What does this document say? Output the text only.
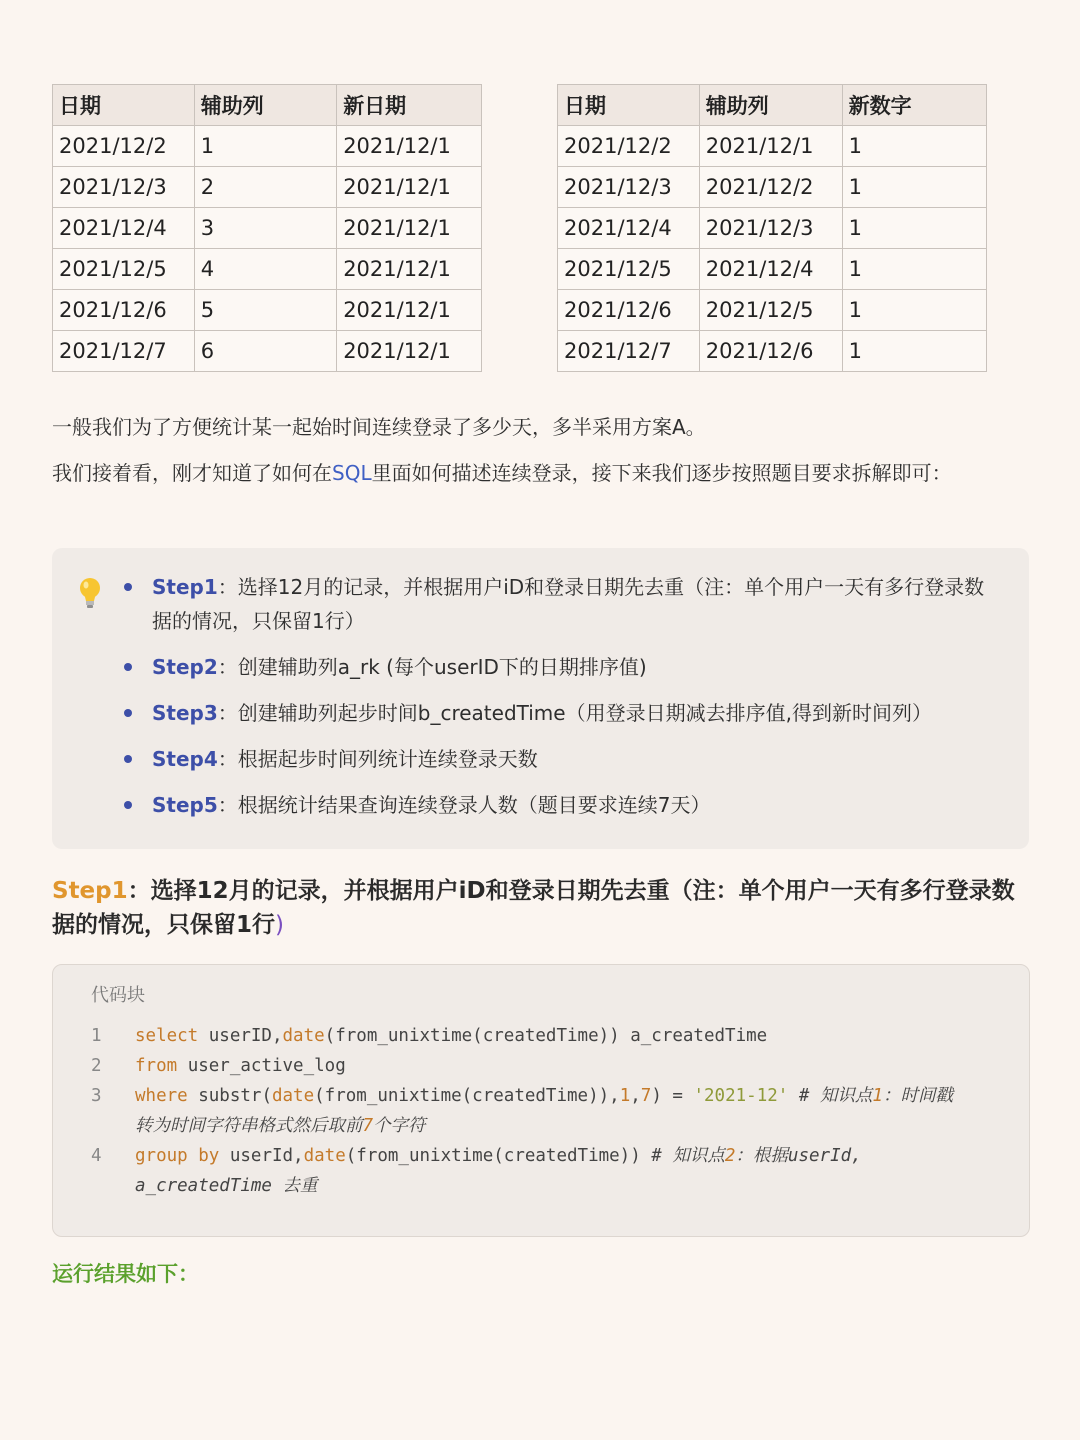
日期	辅助列	新日期
2021/12/2	1	2021/12/1
2021/12/3	2	2021/12/1
2021/12/4	3	2021/12/1
2021/12/5	4	2021/12/1
2021/12/6	5	2021/12/1
2021/12/7	6	2021/12/1
日期	辅助列	新数字
2021/12/2	2021/12/1	1
2021/12/3	2021/12/2	1
2021/12/4	2021/12/3	1
2021/12/5	2021/12/4	1
2021/12/6	2021/12/5	1
2021/12/7	2021/12/6	1

一般我们为了方便统计某一起始时间连续登录了多少天，多半采用方案A。

我们接着看，刚才知道了如何在SQL里面如何描述连续登录，接下来我们逐步按照题目要求拆解即可：

Step1：选择12月的记录，并根据用户iD和登录日期先去重（注：单个用户一天有多行登录数据的情况，只保留1行）
Step2：创建辅助列a_rk (每个userID下的日期排序值)
Step3：创建辅助列起步时间b_createdTime（用登录日期减去排序值,得到新时间列）
Step4：根据起步时间列统计连续登录天数
Step5：根据统计结果查询连续登录人数（题目要求连续7天）
Step1：选择12月的记录，并根据用户iD和登录日期先去重（注：单个用户一天有多行登录数据的情况，只保留1行)
代码块
1	select userID,date(from_unixtime(createdTime)) a_createdTime
2	from user_active_log
3	where substr(date(from_unixtime(createdTime)),1,7) = '2021-12' # 知识点1：时间戳
转为时间字符串格式然后取前7个字符
4	group by userId,date(from_unixtime(createdTime)) # 知识点2：根据userId,
a_createdTime 去重
运行结果如下：
